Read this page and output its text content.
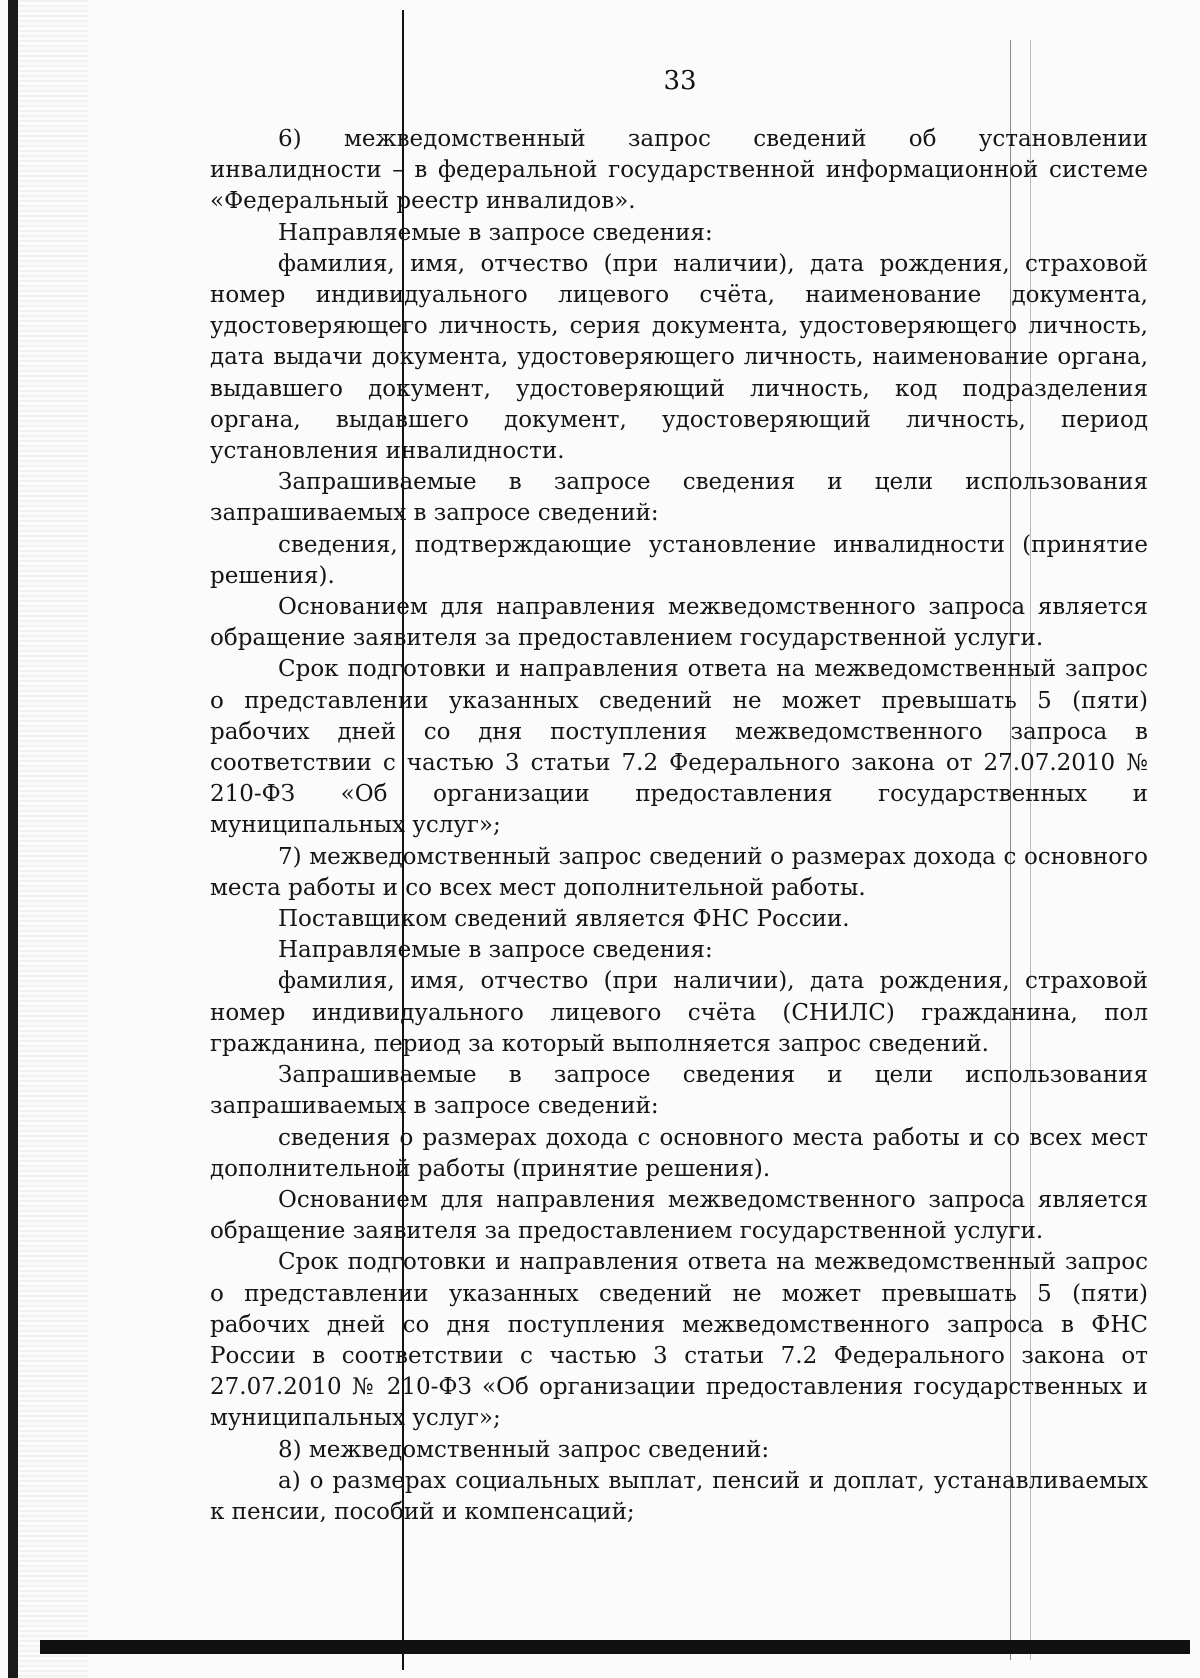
33

6) межведомственный запрос сведений об установлении инвалидности – в федеральной государственной информационной системе «Федеральный реестр инвалидов».

Направляемые в запросе сведения:

фамилия, имя, отчество (при наличии), дата рождения, страховой номер индивидуального лицевого счёта, наименование документа, удостоверяющего личность, серия документа, удостоверяющего личность, дата выдачи документа, удостоверяющего личность, наименование органа, выдавшего документ, удостоверяющий личность, код подразделения органа, выдавшего документ, удостоверяющий личность, период установления инвалидности.

Запрашиваемые в запросе сведения и цели использования запрашиваемых в запросе сведений:

сведения, подтверждающие установление инвалидности (принятие решения).

Основанием для направления межведомственного запроса является обращение заявителя за предоставлением государственной услуги.

Срок подготовки и направления ответа на межведомственный запрос о представлении указанных сведений не может превышать 5 (пяти) рабочих дней со дня поступления межведомственного запроса в соответствии с частью 3 статьи 7.2 Федерального закона от 27.07.2010 № 210-ФЗ «Об организации предоставления государственных и муниципальных услуг»;

7) межведомственный запрос сведений о размерах дохода с основного места работы и со всех мест дополнительной работы.

Поставщиком сведений является ФНС России.

Направляемые в запросе сведения:

фамилия, имя, отчество (при наличии), дата рождения, страховой номер индивидуального лицевого счёта (СНИЛС) гражданина, пол гражданина, период за который выполняется запрос сведений.

Запрашиваемые в запросе сведения и цели использования запрашиваемых в запросе сведений:

сведения о размерах дохода с основного места работы и со всех мест дополнительной работы (принятие решения).

Основанием для направления межведомственного запроса является обращение заявителя за предоставлением государственной услуги.

Срок подготовки и направления ответа на межведомственный запрос о представлении указанных сведений не может превышать 5 (пяти) рабочих дней со дня поступления межведомственного запроса в ФНС России в соответствии с частью 3 статьи 7.2 Федерального закона от 27.07.2010 № 210-ФЗ «Об организации предоставления государственных и муниципальных услуг»;

8) межведомственный запрос сведений:

а) о размерах социальных выплат, пенсий и доплат, устанавливаемых к пенсии, пособий и компенсаций;
